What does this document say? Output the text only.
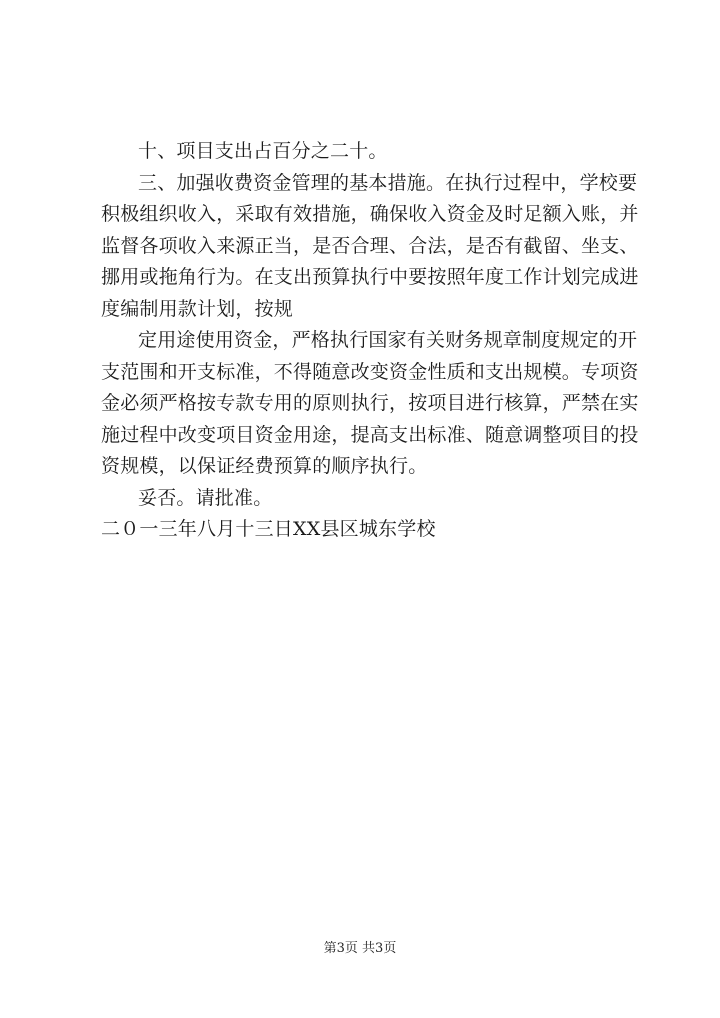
十、项目支出占百分之二十。
三、加强收费资金管理的基本措施。在执行过程中，学校要
积极组织收入，采取有效措施，确保收入资金及时足额入账，并
监督各项收入来源正当，是否合理、合法，是否有截留、坐支、
挪用或拖角行为。在支出预算执行中要按照年度工作计划完成进
度编制用款计划，按规
定用途使用资金，严格执行国家有关财务规章制度规定的开
支范围和开支标准，不得随意改变资金性质和支出规模。专项资
金必须严格按专款专用的原则执行，按项目进行核算，严禁在实
施过程中改变项目资金用途，提高支出标准、随意调整项目的投
资规模，以保证经费预算的顺序执行。
妥否。请批准。
二０一三年八月十三日XX县区城东学校
第3页 共3页
